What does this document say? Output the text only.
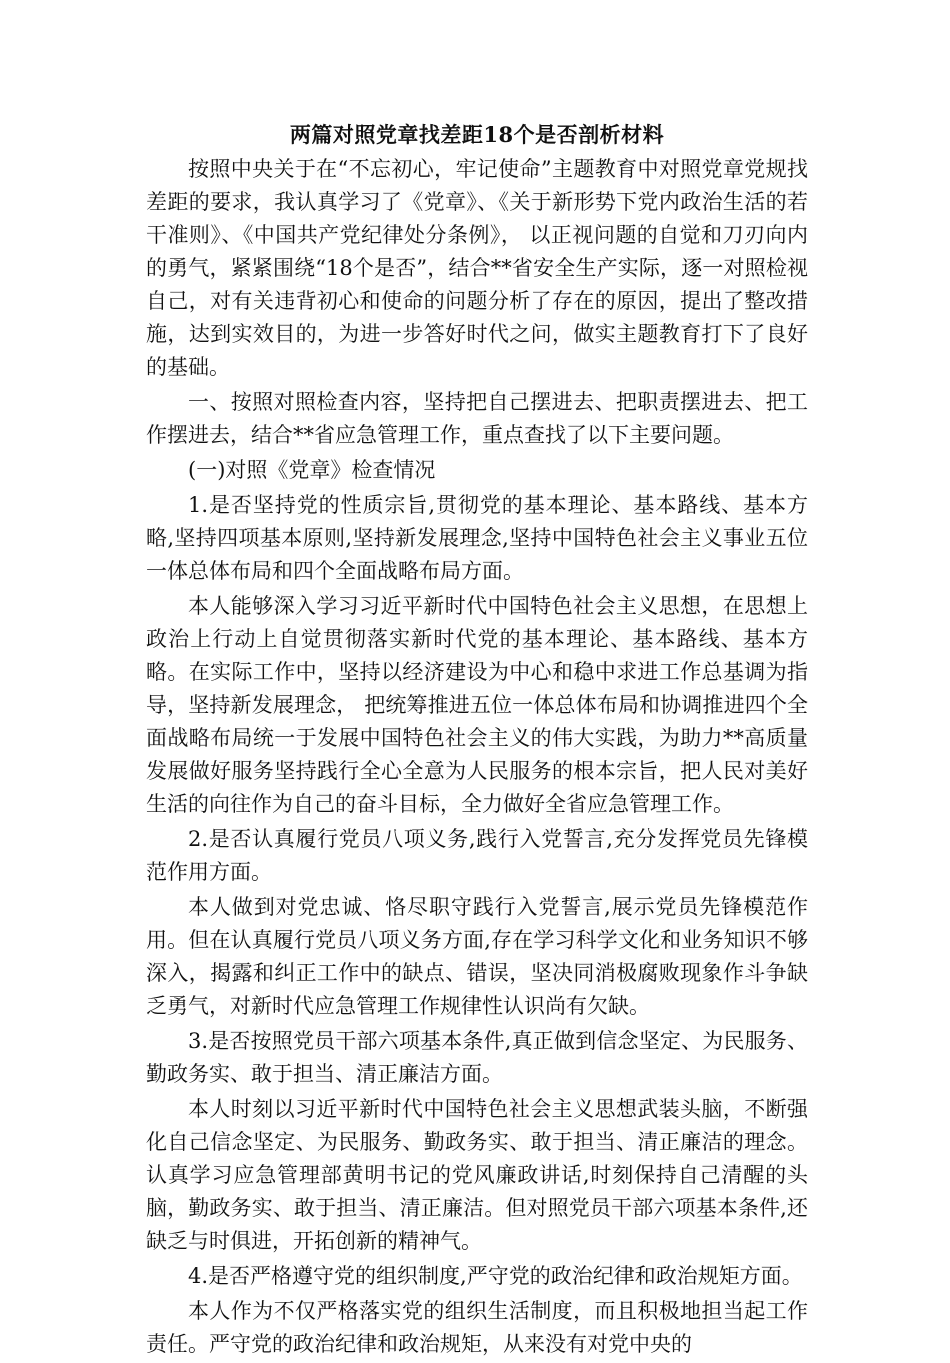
两篇对照党章找差距18个是否剖析材料

按照中央关于在“不忘初心，牢记使命”主题教育中对照党章党规找差距的要求，我认真学习了《党章》、《关于新形势下党内政治生活的若干准则》、《中国共产党纪律处分条例》， 以正视问题的自觉和刀刃向内的勇气，紧紧围绕“18个是否”，结合**省安全生产实际，逐一对照检视自己，对有关违背初心和使命的问题分析了存在的原因，提出了整改措施，达到实效目的，为进一步答好时代之问，做实主题教育打下了良好的基础。

一、按照对照检查内容，坚持把自己摆进去、把职责摆进去、把工作摆进去，结合**省应急管理工作，重点查找了以下主要问题。

(一)对照《党章》检查情况

1.是否坚持党的性质宗旨,贯彻党的基本理论、基本路线、基本方略,坚持四项基本原则,坚持新发展理念,坚持中国特色社会主义事业五位一体总体布局和四个全面战略布局方面。

本人能够深入学习习近平新时代中国特色社会主义思想，在思想上政治上行动上自觉贯彻落实新时代党的基本理论、基本路线、基本方略。在实际工作中，坚持以经济建设为中心和稳中求进工作总基调为指导，坚持新发展理念， 把统筹推进五位一体总体布局和协调推进四个全面战略布局统一于发展中国特色社会主义的伟大实践，为助力**高质量发展做好服务坚持践行全心全意为人民服务的根本宗旨，把人民对美好生活的向往作为自己的奋斗目标，全力做好全省应急管理工作。

2.是否认真履行党员八项义务,践行入党誓言,充分发挥党员先锋模范作用方面。

本人做到对党忠诚、恪尽职守践行入党誓言,展示党员先锋模范作用。但在认真履行党员八项义务方面,存在学习科学文化和业务知识不够深入，揭露和纠正工作中的缺点、错误，坚决同消极腐败现象作斗争缺乏勇气，对新时代应急管理工作规律性认识尚有欠缺。

3.是否按照党员干部六项基本条件,真正做到信念坚定、为民服务、勤政务实、敢于担当、清正廉洁方面。

本人时刻以习近平新时代中国特色社会主义思想武装头脑，不断强化自己信念坚定、为民服务、勤政务实、敢于担当、清正廉洁的理念。认真学习应急管理部黄明书记的党风廉政讲话,时刻保持自己清醒的头脑，勤政务实、敢于担当、清正廉洁。但对照党员干部六项基本条件,还缺乏与时俱进，开拓创新的精神气。

4.是否严格遵守党的组织制度,严守党的政治纪律和政治规矩方面。

本人作为不仅严格落实党的组织生活制度，而且积极地担当起工作责任。严守党的政治纪律和政治规矩，从来没有对党中央的
